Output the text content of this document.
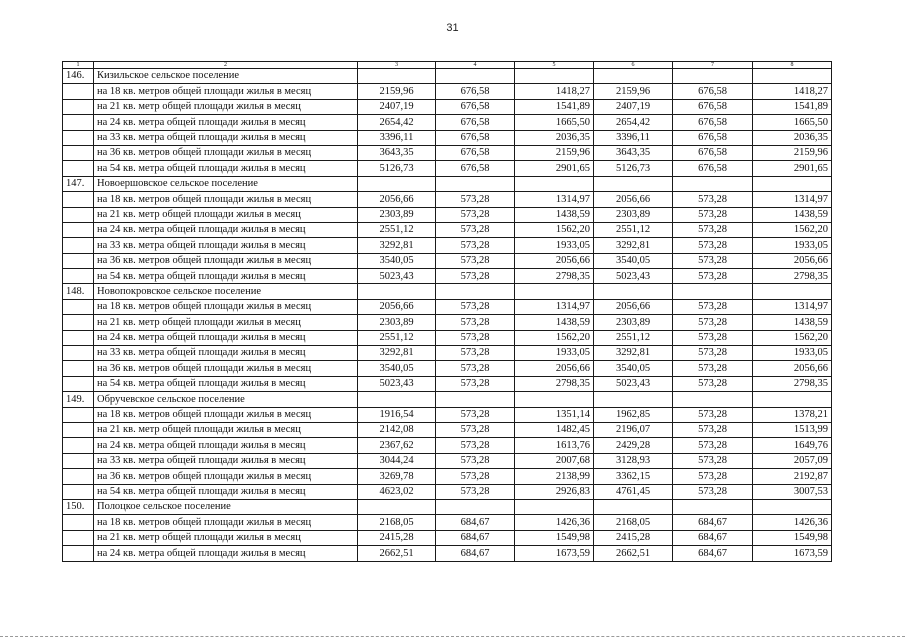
31
1	2	3	4	5	6	7	8
146.	Кизильское сельское поселение						
	на 18 кв. метров общей площади жилья в месяц	2159,96	676,58	1418,27	2159,96	676,58	1418,27
	на 21 кв. метр общей площади жилья в месяц	2407,19	676,58	1541,89	2407,19	676,58	1541,89
	на 24 кв. метра общей площади жилья в месяц	2654,42	676,58	1665,50	2654,42	676,58	1665,50
	на 33 кв. метра общей площади жилья в месяц	3396,11	676,58	2036,35	3396,11	676,58	2036,35
	на 36 кв. метров общей площади жилья в месяц	3643,35	676,58	2159,96	3643,35	676,58	2159,96
	на 54 кв. метра общей площади жилья в месяц	5126,73	676,58	2901,65	5126,73	676,58	2901,65
147.	Новоершовское сельское поселение						
	на 18 кв. метров общей площади жилья в месяц	2056,66	573,28	1314,97	2056,66	573,28	1314,97
	на 21 кв. метр общей площади жилья в месяц	2303,89	573,28	1438,59	2303,89	573,28	1438,59
	на 24 кв. метра общей площади жилья в месяц	2551,12	573,28	1562,20	2551,12	573,28	1562,20
	на 33 кв. метра общей площади жилья в месяц	3292,81	573,28	1933,05	3292,81	573,28	1933,05
	на 36 кв. метров общей площади жилья в месяц	3540,05	573,28	2056,66	3540,05	573,28	2056,66
	на 54 кв. метра общей площади жилья в месяц	5023,43	573,28	2798,35	5023,43	573,28	2798,35
148.	Новопокровское сельское поселение						
	на 18 кв. метров общей площади жилья в месяц	2056,66	573,28	1314,97	2056,66	573,28	1314,97
	на 21 кв. метр общей площади жилья в месяц	2303,89	573,28	1438,59	2303,89	573,28	1438,59
	на 24 кв. метра общей площади жилья в месяц	2551,12	573,28	1562,20	2551,12	573,28	1562,20
	на 33 кв. метра общей площади жилья в месяц	3292,81	573,28	1933,05	3292,81	573,28	1933,05
	на 36 кв. метров общей площади жилья в месяц	3540,05	573,28	2056,66	3540,05	573,28	2056,66
	на 54 кв. метра общей площади жилья в месяц	5023,43	573,28	2798,35	5023,43	573,28	2798,35
149.	Обручевское сельское поселение						
	на 18 кв. метров общей площади жилья в месяц	1916,54	573,28	1351,14	1962,85	573,28	1378,21
	на 21 кв. метр общей площади жилья в месяц	2142,08	573,28	1482,45	2196,07	573,28	1513,99
	на 24 кв. метра общей площади жилья в месяц	2367,62	573,28	1613,76	2429,28	573,28	1649,76
	на 33 кв. метра общей площади жилья в месяц	3044,24	573,28	2007,68	3128,93	573,28	2057,09
	на 36 кв. метров общей площади жилья в месяц	3269,78	573,28	2138,99	3362,15	573,28	2192,87
	на 54 кв. метра общей площади жилья в месяц	4623,02	573,28	2926,83	4761,45	573,28	3007,53
150.	Полоцкое сельское поселение						
	на 18 кв. метров общей площади жилья в месяц	2168,05	684,67	1426,36	2168,05	684,67	1426,36
	на 21 кв. метр общей площади жилья в месяц	2415,28	684,67	1549,98	2415,28	684,67	1549,98
	на 24 кв. метра общей площади жилья в месяц	2662,51	684,67	1673,59	2662,51	684,67	1673,59
